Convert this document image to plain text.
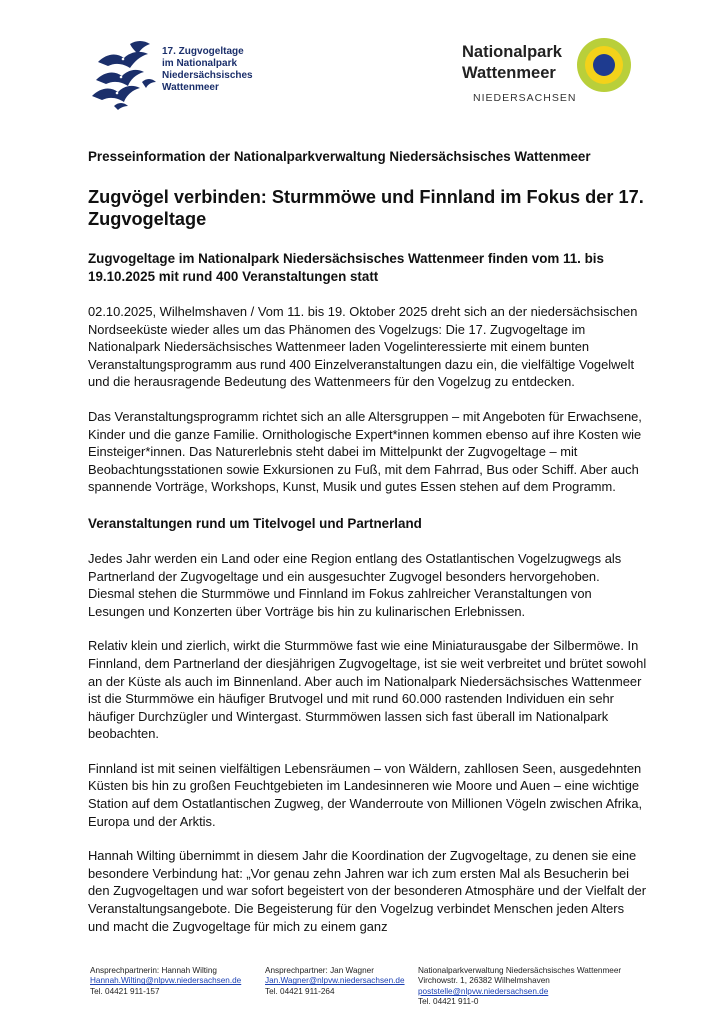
17. Zugvogeltage
im Nationalpark
Niedersächsisches
Wattenmeer
Nationalpark
Wattenmeer
NIEDERSACHSEN
Presseinformation der Nationalparkverwaltung Niedersächsisches Wattenmeer
Zugvögel verbinden: Sturmmöwe und Finnland im Fokus der 17. Zugvogeltage
Zugvogeltage im Nationalpark Niedersächsisches Wattenmeer finden vom 11. bis 19.10.2025 mit rund 400 Veranstaltungen statt

02.10.2025, Wilhelmshaven / Vom 11. bis 19. Oktober 2025 dreht sich an der niedersächsischen Nordseeküste wieder alles um das Phänomen des Vogelzugs: Die 17. Zugvogeltage im Nationalpark Niedersächsisches Wattenmeer laden Vogelinteressierte mit einem bunten Veranstaltungsprogramm aus rund 400 Einzelveranstaltungen dazu ein, die vielfältige Vogelwelt und die herausragende Bedeutung des Wattenmeers für den Vogelzug zu entdecken.

Das Veranstaltungsprogramm richtet sich an alle Altersgruppen – mit Angeboten für Erwachsene, Kinder und die ganze Familie. Ornithologische Expert*innen kommen ebenso auf ihre Kosten wie Einsteiger*innen. Das Naturerlebnis steht dabei im Mittelpunkt der Zugvogeltage – mit Beobachtungsstationen sowie Exkursionen zu Fuß, mit dem Fahrrad, Bus oder Schiff. Aber auch spannende Vorträge, Workshops, Kunst, Musik und gutes Essen stehen auf dem Programm.

Veranstaltungen rund um Titelvogel und Partnerland

Jedes Jahr werden ein Land oder eine Region entlang des Ostatlantischen Vogelzugwegs als Partnerland der Zugvogeltage und ein ausgesuchter Zugvogel besonders hervorgehoben. Diesmal stehen die Sturmmöwe und Finnland im Fokus zahlreicher Veranstaltungen von Lesungen und Konzerten über Vorträge bis hin zu kulinarischen Erlebnissen.

Relativ klein und zierlich, wirkt die Sturmmöwe fast wie eine Miniaturausgabe der Silbermöwe. In Finnland, dem Partnerland der diesjährigen Zugvogeltage, ist sie weit verbreitet und brütet sowohl an der Küste als auch im Binnenland. Aber auch im Nationalpark Niedersächsisches Wattenmeer ist die Sturmmöwe ein häufiger Brutvogel und mit rund 60.000 rastenden Individuen ein sehr häufiger Durchzügler und Wintergast. Sturmmöwen lassen sich fast überall im Nationalpark beobachten.

Finnland ist mit seinen vielfältigen Lebensräumen – von Wäldern, zahllosen Seen, ausgedehnten Küsten bis hin zu großen Feuchtgebieten im Landesinneren wie Moore und Auen – eine wichtige Station auf dem Ostatlantischen Zugweg, der Wanderroute von Millionen Vögeln zwischen Afrika, Europa und der Arktis.

Hannah Wilting übernimmt in diesem Jahr die Koordination der Zugvogeltage, zu denen sie eine besondere Verbindung hat: „Vor genau zehn Jahren war ich zum ersten Mal als Besucherin bei den Zugvogeltagen und war sofort begeistert von der besonderen Atmosphäre und der Vielfalt der Veranstaltungsangebote. Die Begeisterung für den Vogelzug verbindet Menschen jeden Alters und macht die Zugvogeltage für mich zu einem ganz

Ansprechpartnerin: Hannah Wilting
Hannah.Wilting@nlpvw.niedersachsen.de
Tel. 04421 911-157
Ansprechpartner: Jan Wagner
Jan.Wagner@nlpvw.niedersachsen.de
Tel. 04421 911-264
Nationalparkverwaltung Niedersächsisches Wattenmeer
Virchowstr. 1, 26382 Wilhelmshaven
poststelle@nlpvw.niedersachsen.de
Tel. 04421 911-0
